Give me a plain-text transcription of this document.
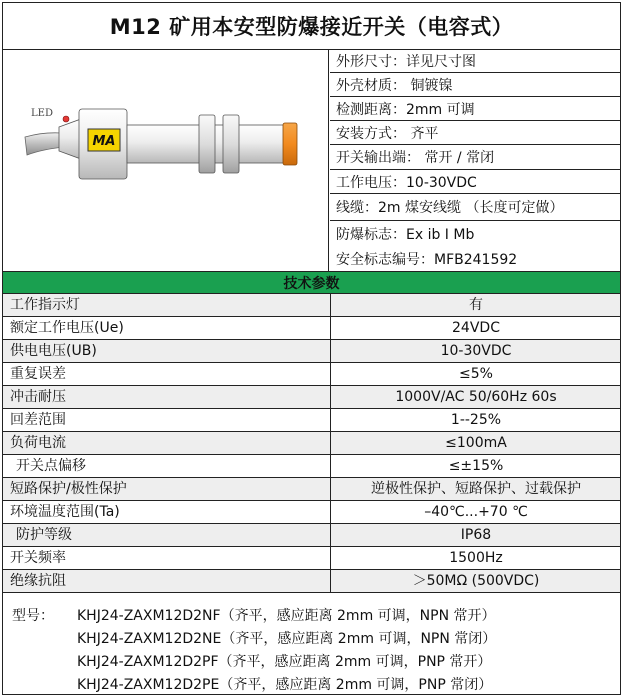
M12 矿用本安型防爆接近开关（电容式）
MA
LED
外形尺寸：详见尺寸图
外壳材质： 铜镀镍
检测距离：2mm 可调
安装方式： 齐平
开关输出端： 常开 / 常闭
工作电压：10-30VDC
线缆：2m 煤安线缆 （长度可定做）
防爆标志：Ex ib I Mb
安全标志编号：MFB241592
技术参数
工作指示灯	有
额定工作电压(Ue)	24VDC
供电电压(UB)	10-30VDC
重复误差	≤5%
冲击耐压	1000V/AC 50/60Hz 60s
回差范围	1--25%
负荷电流	≤100mA
开关点偏移	≤±15%
短路保护/极性保护	逆极性保护、短路保护、过载保护
环境温度范围(Ta)	–40℃...+70 ℃
防护等级	IP68
开关频率	1500Hz
绝缘抗阻	＞50MΩ (500VDC)
型号： KHJ24-ZAXM12D2NF（齐平，感应距离 2mm 可调，NPN 常开）
KHJ24-ZAXM12D2NE（齐平，感应距离 2mm 可调，NPN 常闭）
KHJ24-ZAXM12D2PF（齐平，感应距离 2mm 可调，PNP 常开）
KHJ24-ZAXM12D2PE（齐平，感应距离 2mm 可调，PNP 常闭）
